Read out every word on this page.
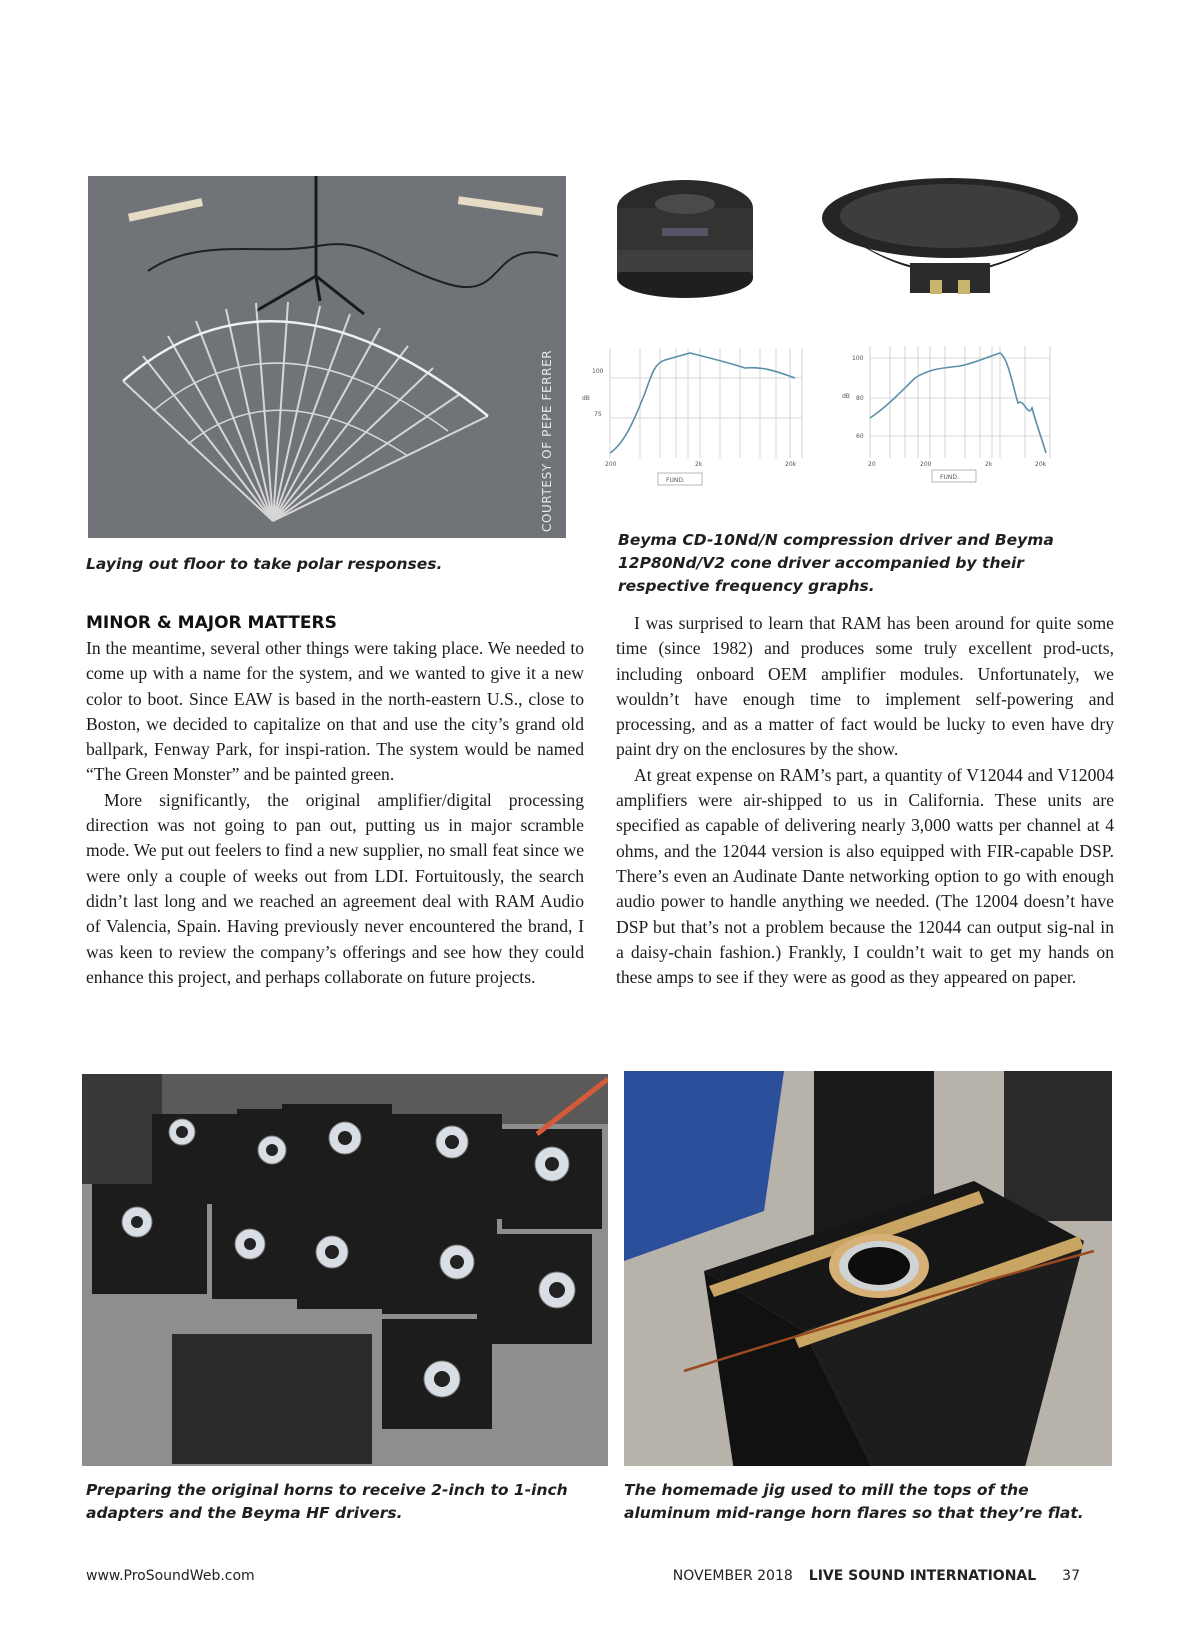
COURTESY OF PEPE FERRER
Laying out floor to take polar responses.
100
75
dB
200	2k	20k
FUND.
100
80
60
dB
20	200	2k	20k
FUND.
Beyma CD-10Nd/N compression driver and Beyma 12P80Nd/V2 cone driver accompanied by their respective frequency graphs.
MINOR & MAJOR MATTERS

In the meantime, several other things were taking place. We needed to come up with a name for the system, and we wanted to give it a new color to boot. Since EAW is based in the north-eastern U.S., close to Boston, we decided to capitalize on that and use the city’s grand old ballpark, Fenway Park, for inspi-ration. The system would be named “The Green Monster” and be painted green.

More significantly, the original amplifier/digital processing direction was not going to pan out, putting us in major scramble mode. We put out feelers to find a new supplier, no small feat since we were only a couple of weeks out from LDI. Fortuitously, the search didn’t last long and we reached an agreement deal with RAM Audio of Valencia, Spain. Having previously never encountered the brand, I was keen to review the company’s offerings and see how they could enhance this project, and perhaps collaborate on future projects.

I was surprised to learn that RAM has been around for quite some time (since 1982) and produces some truly excellent prod-ucts, including onboard OEM amplifier modules. Unfortunately, we wouldn’t have enough time to implement self-powering and processing, and as a matter of fact would be lucky to even have dry paint dry on the enclosures by the show.

At great expense on RAM’s part, a quantity of V12044 and V12004 amplifiers were air-shipped to us in California. These units are specified as capable of delivering nearly 3,000 watts per channel at 4 ohms, and the 12044 version is also equipped with FIR-capable DSP. There’s even an Audinate Dante networking option to go with enough audio power to handle anything we needed. (The 12004 doesn’t have DSP but that’s not a problem because the 12044 can output sig-nal in a daisy-chain fashion.) Frankly, I couldn’t wait to get my hands on these amps to see if they were as good as they appeared on paper.

Preparing the original horns to receive 2-inch to 1-inch adapters and the Beyma HF drivers.
The homemade jig used to mill the tops of the aluminum mid-range horn flares so that they’re flat.
www.ProSoundWeb.com	NOVEMBER 2018 LIVE SOUND INTERNATIONAL 37
